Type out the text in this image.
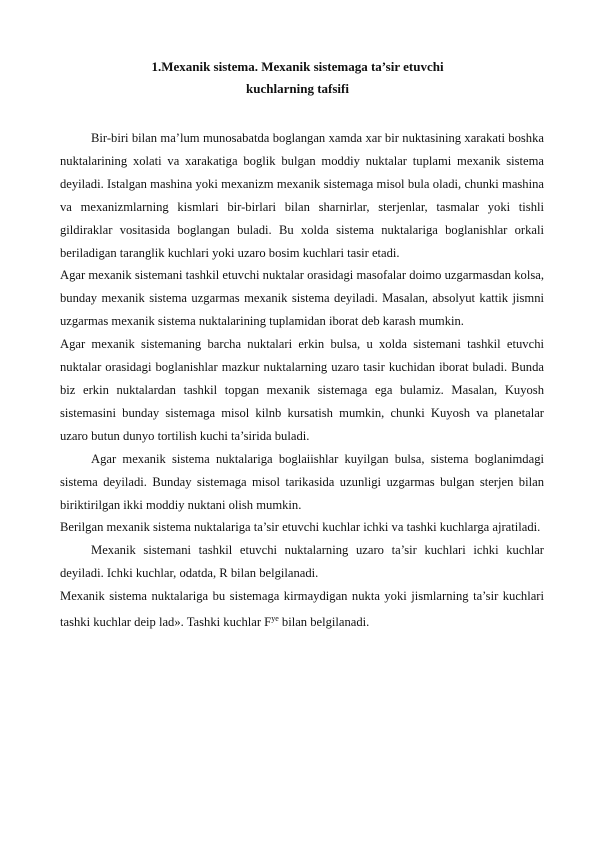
1.Mexanik sistema. Mexanik sistemaga ta’sir etuvchi
kuchlarning tafsifi

Bir-biri bilan ma’lum munosabatda boglangan xamda xar bir nuktasining xarakati boshka nuktalarining xolati va xarakatiga boglik bulgan moddiy nuktalar tuplami mexanik sistema deyiladi. Istalgan mashina yoki mexanizm mexanik sistemaga misol bula oladi, chunki mashina va mexanizmlarning kismlari bir-birlari bilan sharnirlar, sterjenlar, tasmalar yoki tishli gildiraklar vositasida boglangan buladi. Bu xolda sistema nuktalariga boglanishlar orkali beriladigan taranglik kuchlari yoki uzaro bosim kuchlari tasir etadi.

Agar mexanik sistemani tashkil etuvchi nuktalar orasidagi masofalar doimo uzgarmasdan kolsa, bunday mexanik sistema uzgarmas mexanik sistema deyiladi. Masalan, absolyut kattik jismni uzgarmas mexanik sistema nuktalarining tuplamidan iborat deb karash mumkin.

Agar mexanik sistemaning barcha nuktalari erkin bulsa, u xolda sistemani tashkil etuvchi nuktalar orasidagi boglanishlar mazkur nuktalarning uzaro tasir kuchidan iborat buladi. Bunda biz erkin nuktalardan tashkil topgan mexanik sistemaga ega bulamiz. Masalan, Kuyosh sistemasini bunday sistemaga misol kilnb kursatish mumkin, chunki Kuyosh va planetalar uzaro butun dunyo tortilish kuchi ta’sirida buladi.

Agar mexanik sistema nuktalariga boglaiishlar kuyilgan bulsa, sistema boglanimdagi sistema deyiladi. Bunday sistemaga misol tarikasida uzunligi uzgarmas bulgan sterjen bilan biriktirilgan ikki moddiy nuktani olish mumkin.

Berilgan mexanik sistema nuktalariga ta’sir etuvchi kuchlar ichki va tashki kuchlarga ajratiladi.

Mexanik sistemani tashkil etuvchi nuktalarning uzaro ta’sir kuchlari ichki kuchlar deyiladi. Ichki kuchlar, odatda, R bilan belgilanadi.

Mexanik sistema nuktalariga bu sistemaga kirmaydigan nukta yoki jismlarning ta’sir kuchlari tashki kuchlar deip lad». Tashki kuchlar $F^{ye}$ bilan belgilanadi.
